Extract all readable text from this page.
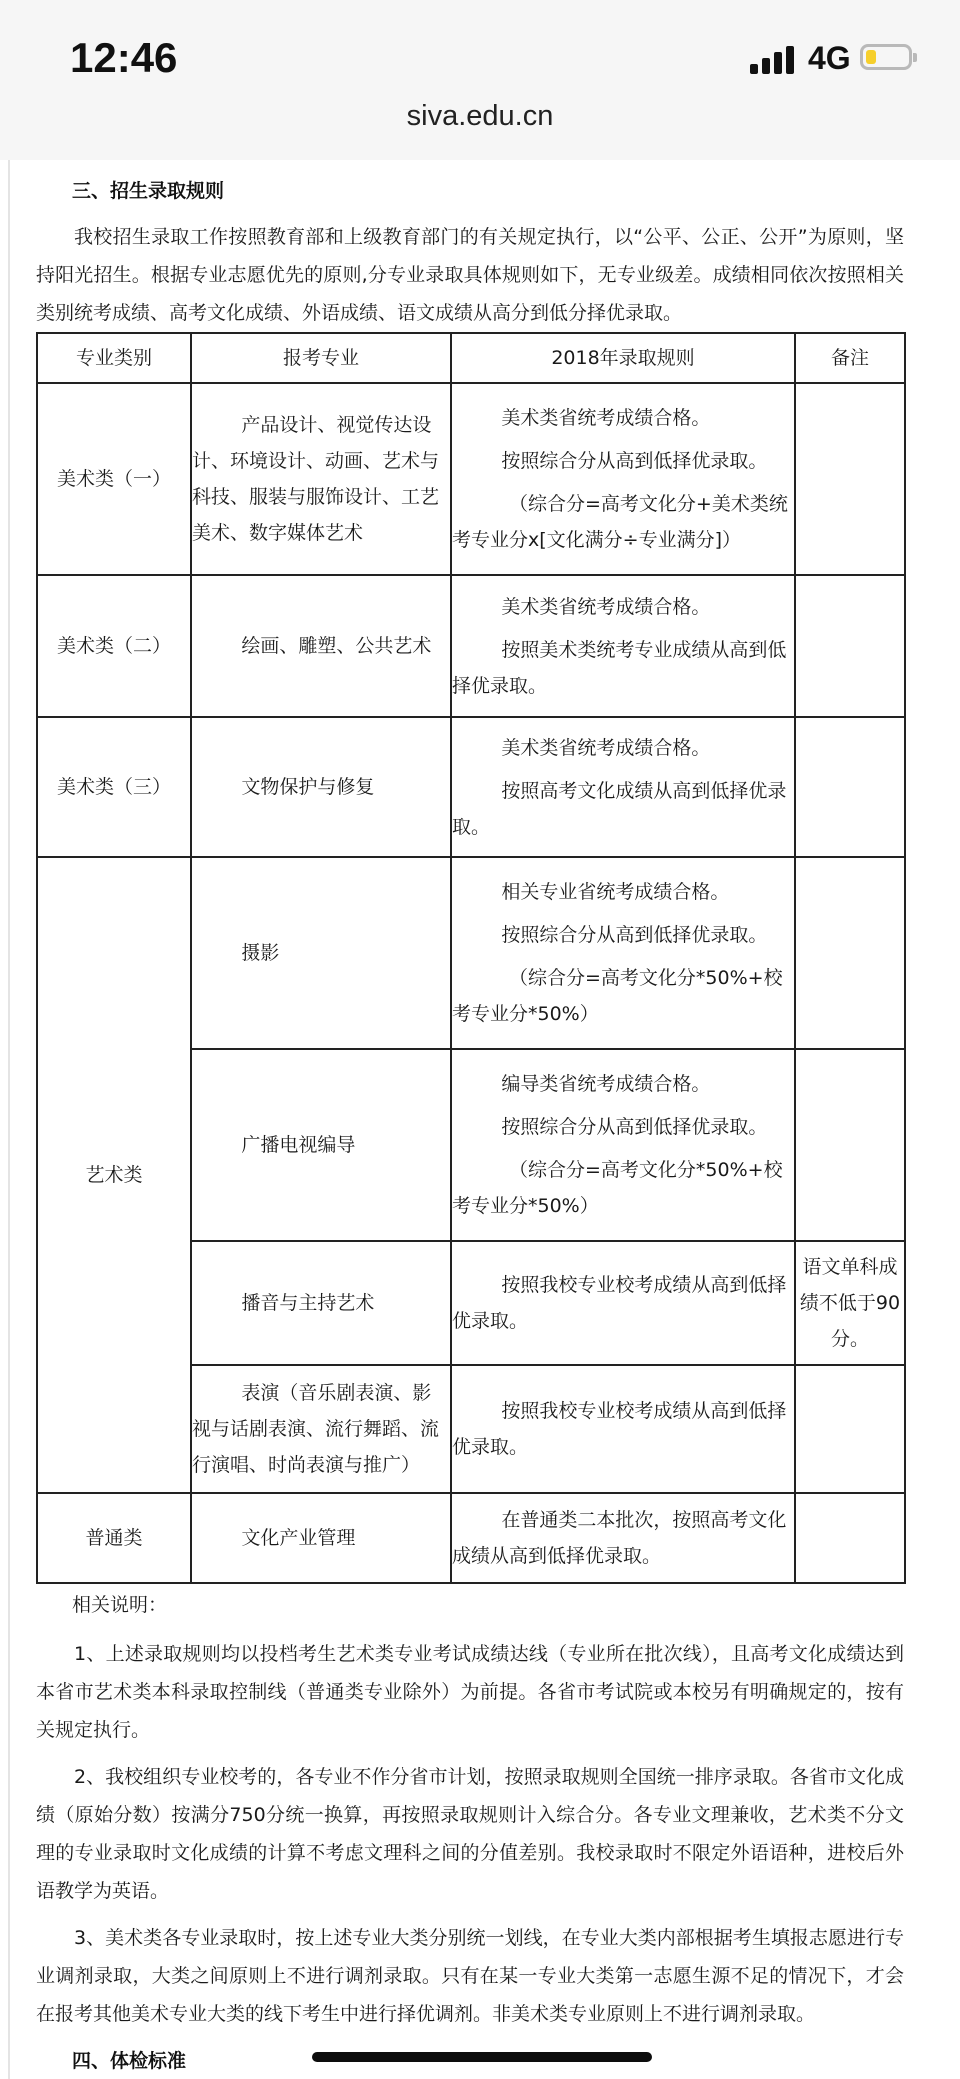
12:46	4G
siva.edu.cn
三、招生录取规则
我校招生录取工作按照教育部和上级教育部门的有关规定执行，以“公平、公正、公开”为原则，坚持阳光招生。根据专业志愿优先的原则,分专业录取具体规则如下，无专业级差。成绩相同依次按照相关类别统考成绩、高考文化成绩、外语成绩、语文成绩从高分到低分择优录取。
专业类别	报考专业	2018年录取规则	备注
美术类（一）	产品设计、视觉传达设计、环境设计、动画、艺术与科技、服装与服饰设计、工艺美术、数字媒体艺术	美术类省统考成绩合格。
按照综合分从高到低择优录取。
（综合分=高考文化分+美术类统考专业分x[文化满分÷专业满分]）	

美术类（二）	绘画、雕塑、公共艺术	美术类省统考成绩合格。
按照美术类统考专业成绩从高到低择优录取。	

美术类（三）	文物保护与修复	美术类省统考成绩合格。
按照高考文化成绩从高到低择优录取。	

艺术类	摄影	相关专业省统考成绩合格。
按照综合分从高到低择优录取。
（综合分=高考文化分*50%+校考专业分*50%）	

	广播电视编导	编导类省统考成绩合格。
按照综合分从高到低择优录取。
（综合分=高考文化分*50%+校考专业分*50%）	

	播音与主持艺术	按照我校专业校考成绩从高到低择优录取。	语文单科成绩不低于90分。

	表演（音乐剧表演、影视与话剧表演、流行舞蹈、流行演唱、时尚表演与推广）	按照我校专业校考成绩从高到低择优录取。	

普通类	文化产业管理	在普通类二本批次，按照高考文化成绩从高到低择优录取。	

相关说明：
1、上述录取规则均以投档考生艺术类专业考试成绩达线（专业所在批次线），且高考文化成绩达到本省市艺术类本科录取控制线（普通类专业除外）为前提。各省市考试院或本校另有明确规定的，按有关规定执行。
2、我校组织专业校考的，各专业不作分省市计划，按照录取规则全国统一排序录取。各省市文化成绩（原始分数）按满分750分统一换算，再按照录取规则计入综合分。各专业文理兼收，艺术类不分文理的专业录取时文化成绩的计算不考虑文理科之间的分值差别。我校录取时不限定外语语种，进校后外语教学为英语。
3、美术类各专业录取时，按上述专业大类分别统一划线，在专业大类内部根据考生填报志愿进行专业调剂录取，大类之间原则上不进行调剂录取。只有在某一专业大类第一志愿生源不足的情况下，才会在报考其他美术专业大类的线下考生中进行择优调剂。非美术类专业原则上不进行调剂录取。
四、体检标准
